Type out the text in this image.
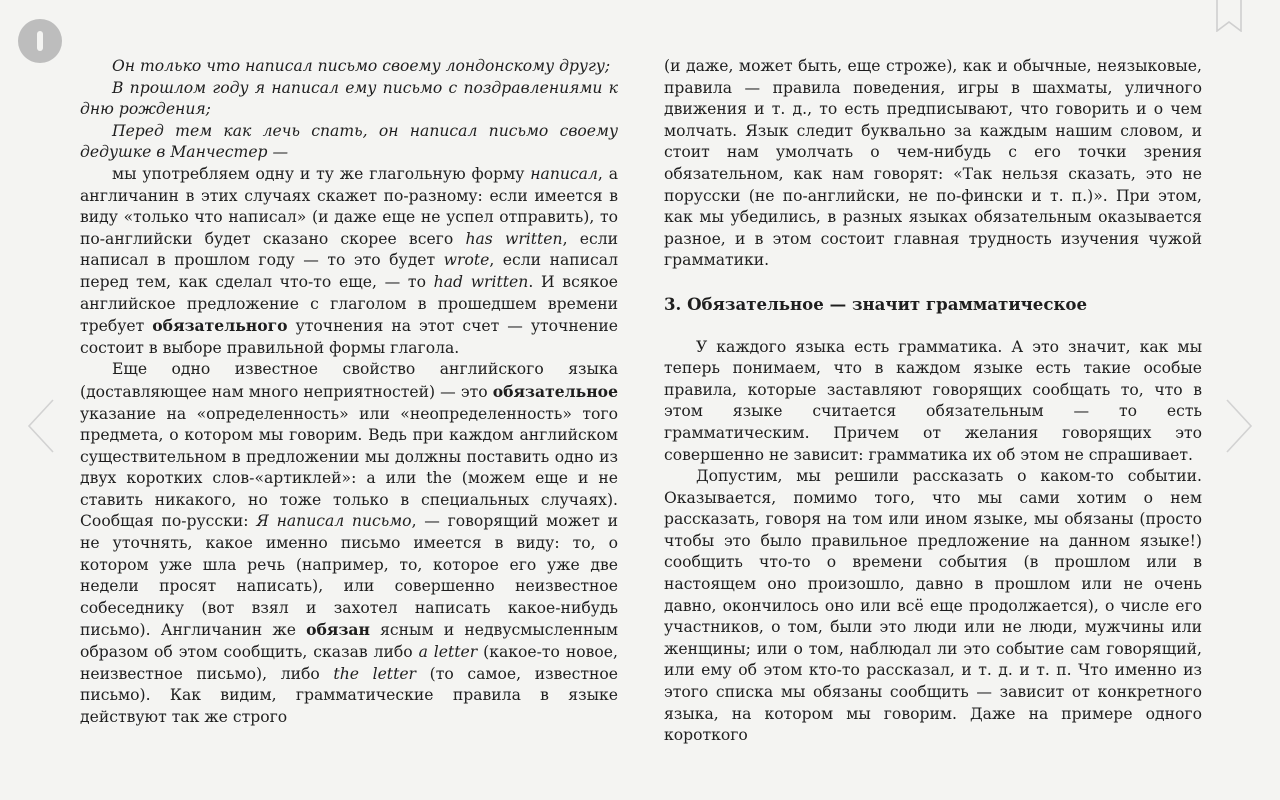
Он только что написал письмо своему лондонскому другу;

В прошлом году я написал ему письмо с поздравлениями к дню рождения;

Перед тем как лечь спать, он написал письмо своему дедушке в Манчестер —

мы употребляем одну и ту же глагольную форму написал, а англичанин в этих случаях скажет по-разному: если имеется в виду «только что написал» (и даже еще не успел отправить), то по-английски будет сказано скорее всего has written, если написал в прошлом году — то это будет wrote, если написал перед тем, как сделал что-то еще, — то had written. И всякое английское предложение с глаголом в прошедшем времени требует обязательного уточнения на этот счет — уточнение состоит в выборе правильной формы глагола.

Еще одно известное свойство английского языка (доставляющее нам много неприятностей) — это обязательное указание на «определенность» или «неопределенность» того предмета, о котором мы говорим. Ведь при каждом английском существительном в предложении мы должны поставить одно из двух коротких слов-«артиклей»: a или the (можем еще и не ставить никакого, но тоже только в специальных случаях). Сообщая по-русски: Я написал письмо, — говорящий может и не уточнять, какое именно письмо имеется в виду: то, о котором уже шла речь (например, то, которое его уже две недели просят написать), или совершенно неизвестное собеседнику (вот взял и захотел написать какое-нибудь письмо). Англичанин же обязан ясным и недвусмысленным образом об этом сообщить, сказав либо a letter (какое-то новое, неизвестное письмо), либо the letter (то самое, известное письмо). Как видим, грамматические правила в языке действуют так же строго

(и даже, может быть, еще строже), как и обычные, неязыковые, правила — правила поведения, игры в шахматы, уличного движения и т. д., то есть предписывают, что говорить и о чем молчать. Язык следит буквально за каждым нашим словом, и стоит нам умолчать о чем-нибудь с его точки зрения обязательном, как нам говорят: «Так нельзя сказать, это не порусски (не по-английски, не по-фински и т. п.)». При этом, как мы убедились, в разных языках обязательным оказывается разное, и в этом состоит главная трудность изучения чужой грамматики.

3. Обязательное — значит грамматическое

У каждого языка есть грамматика. А это значит, как мы теперь понимаем, что в каждом языке есть такие особые правила, которые заставляют говорящих сообщать то, что в этом языке считается обязательным — то есть грамматическим. Причем от желания говорящих это совершенно не зависит: грамматика их об этом не спрашивает.

Допустим, мы решили рассказать о каком-то событии. Оказывается, помимо того, что мы сами хотим о нем рассказать, говоря на том или ином языке, мы обязаны (просто чтобы это было правильное предложение на данном языке!) сообщить что-то о времени события (в прошлом или в настоящем оно произошло, давно в прошлом или не очень давно, окончилось оно или всё еще продолжается), о числе его участников, о том, были это люди или не люди, мужчины или женщины; или о том, наблюдал ли это событие сам говорящий, или ему об этом кто-то рассказал, и т. д. и т. п. Что именно из этого списка мы обязаны сообщить — зависит от конкретного языка, на котором мы говорим. Даже на примере одного короткого
